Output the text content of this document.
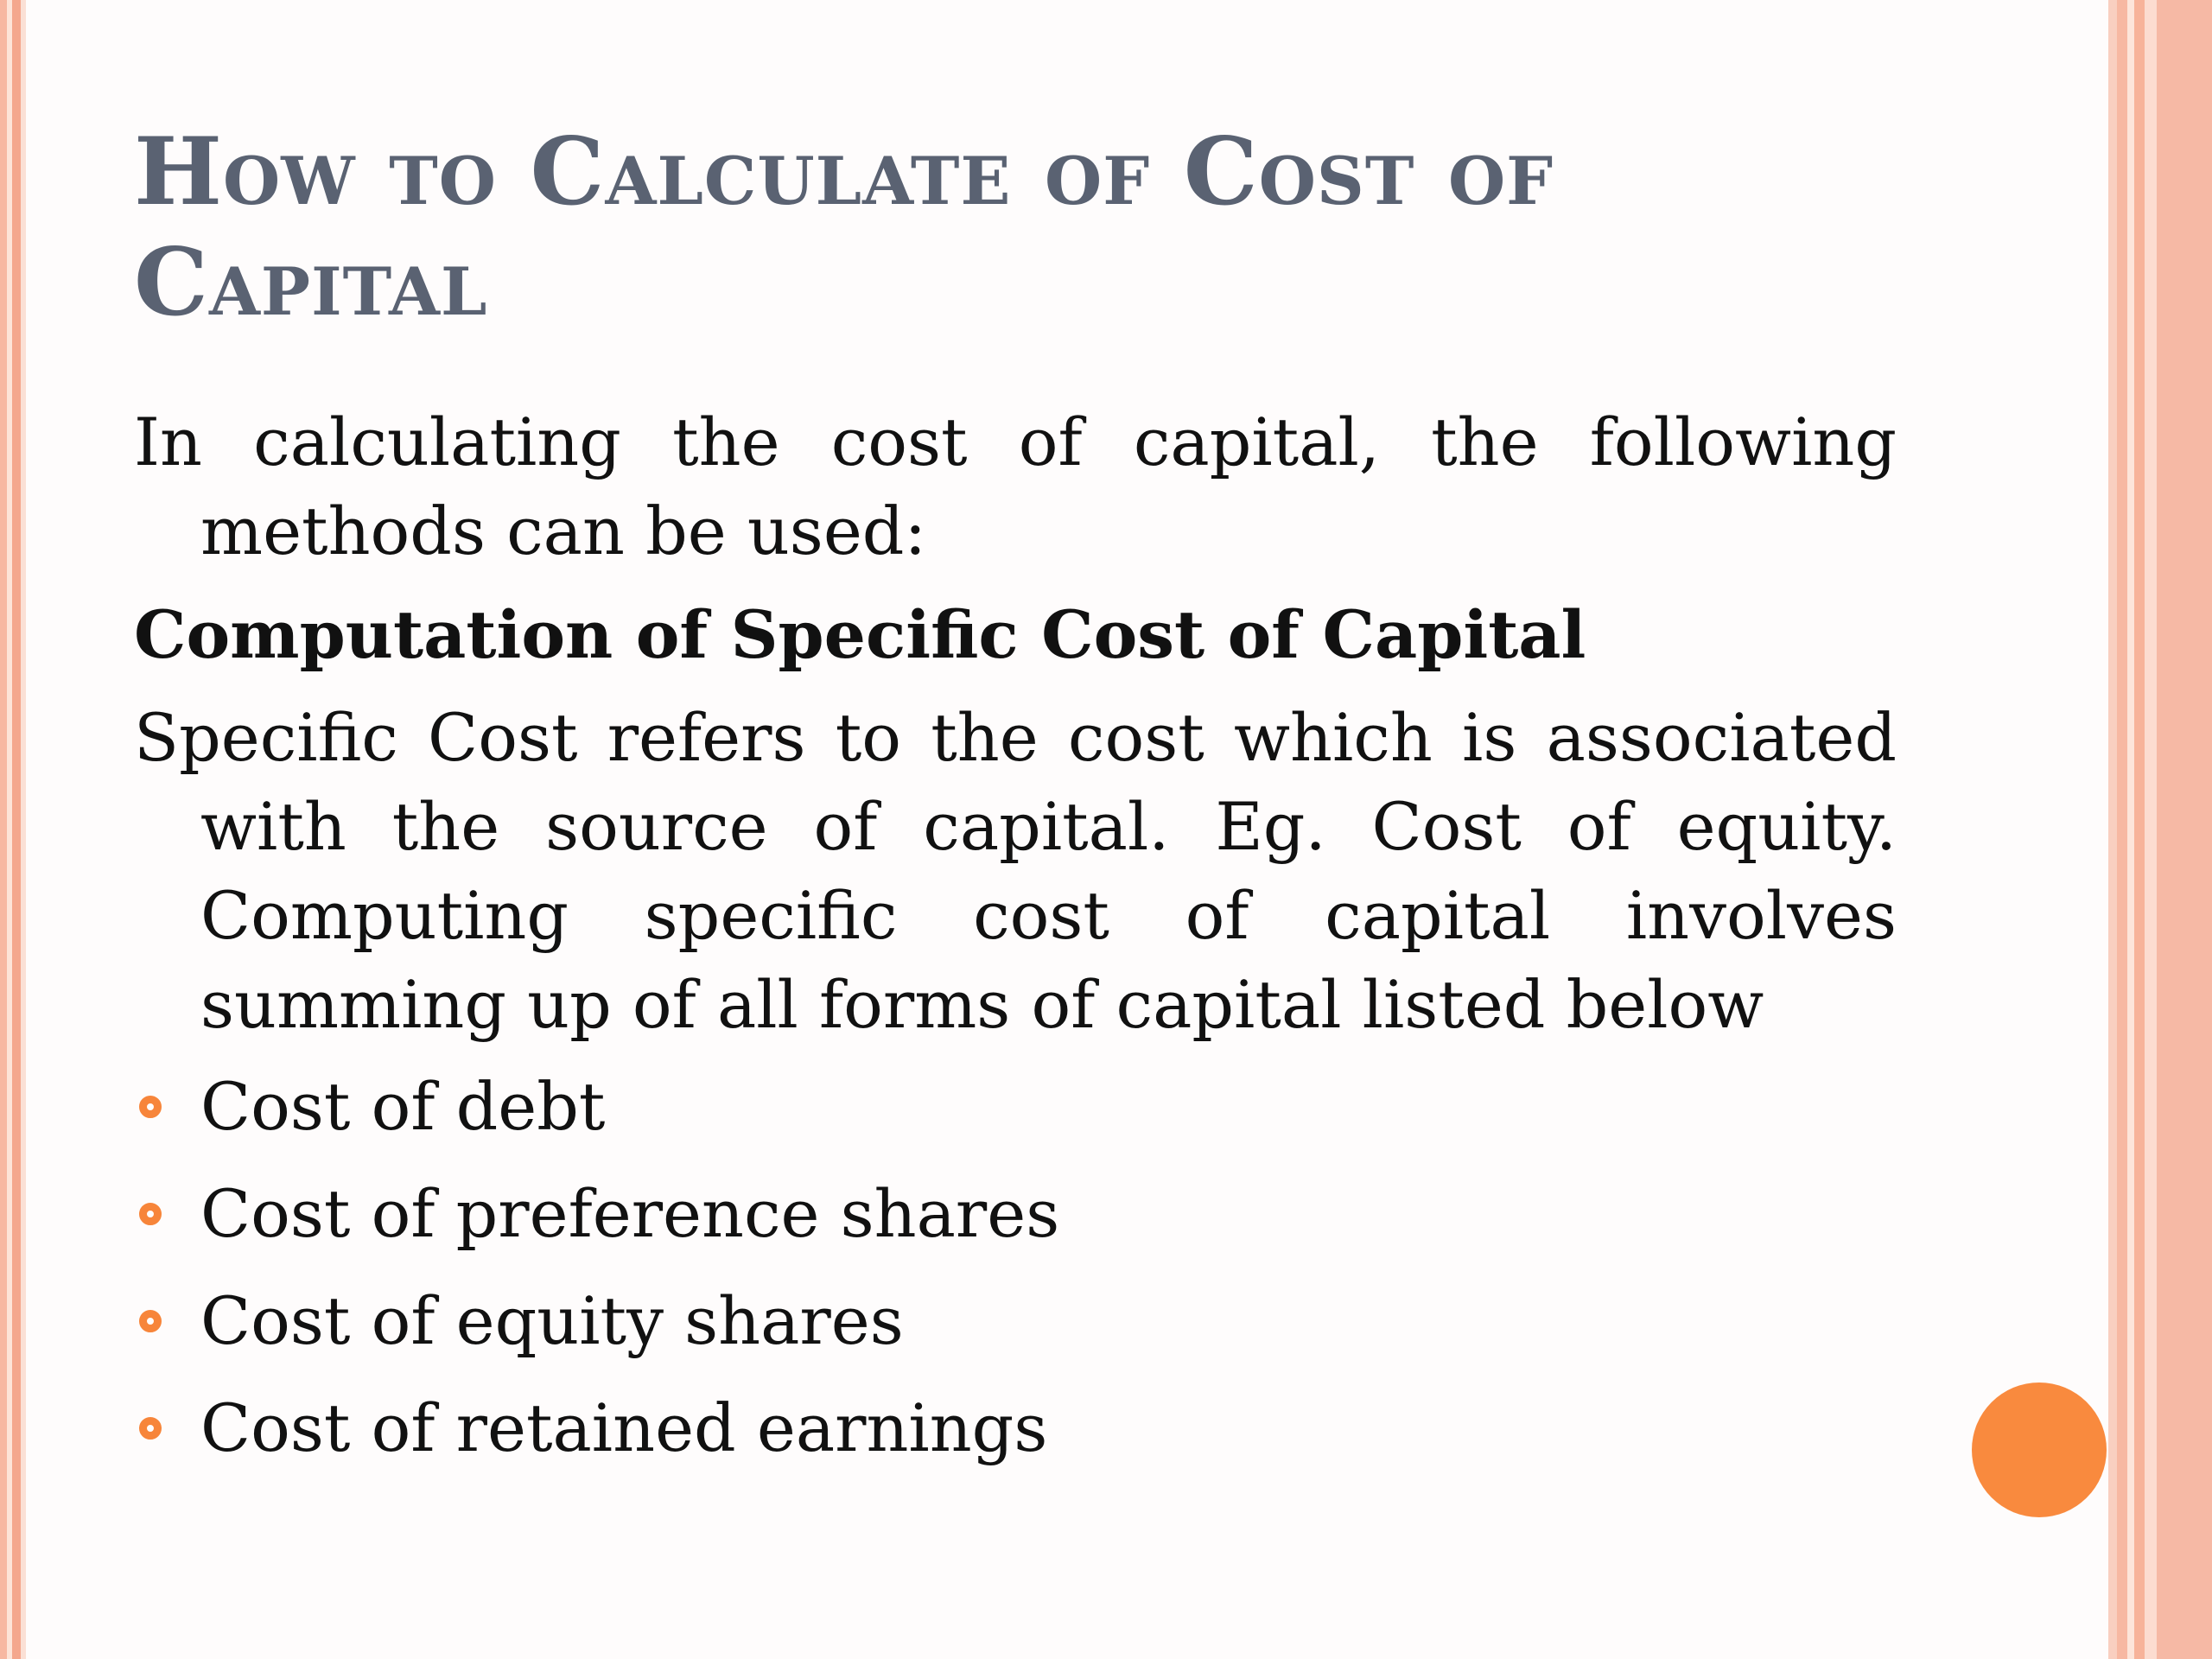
How to Calculate of Cost of Capital

In calculating the cost of capital, the following methods can be used:

Computation of Specific Cost of Capital

Specific Cost refers to the cost which is associated with the source of capital. Eg. Cost of equity. Computing specific cost of capital involves summing up of all forms of capital listed below

Cost of debt
Cost of preference shares
Cost of equity shares
Cost of retained earnings
